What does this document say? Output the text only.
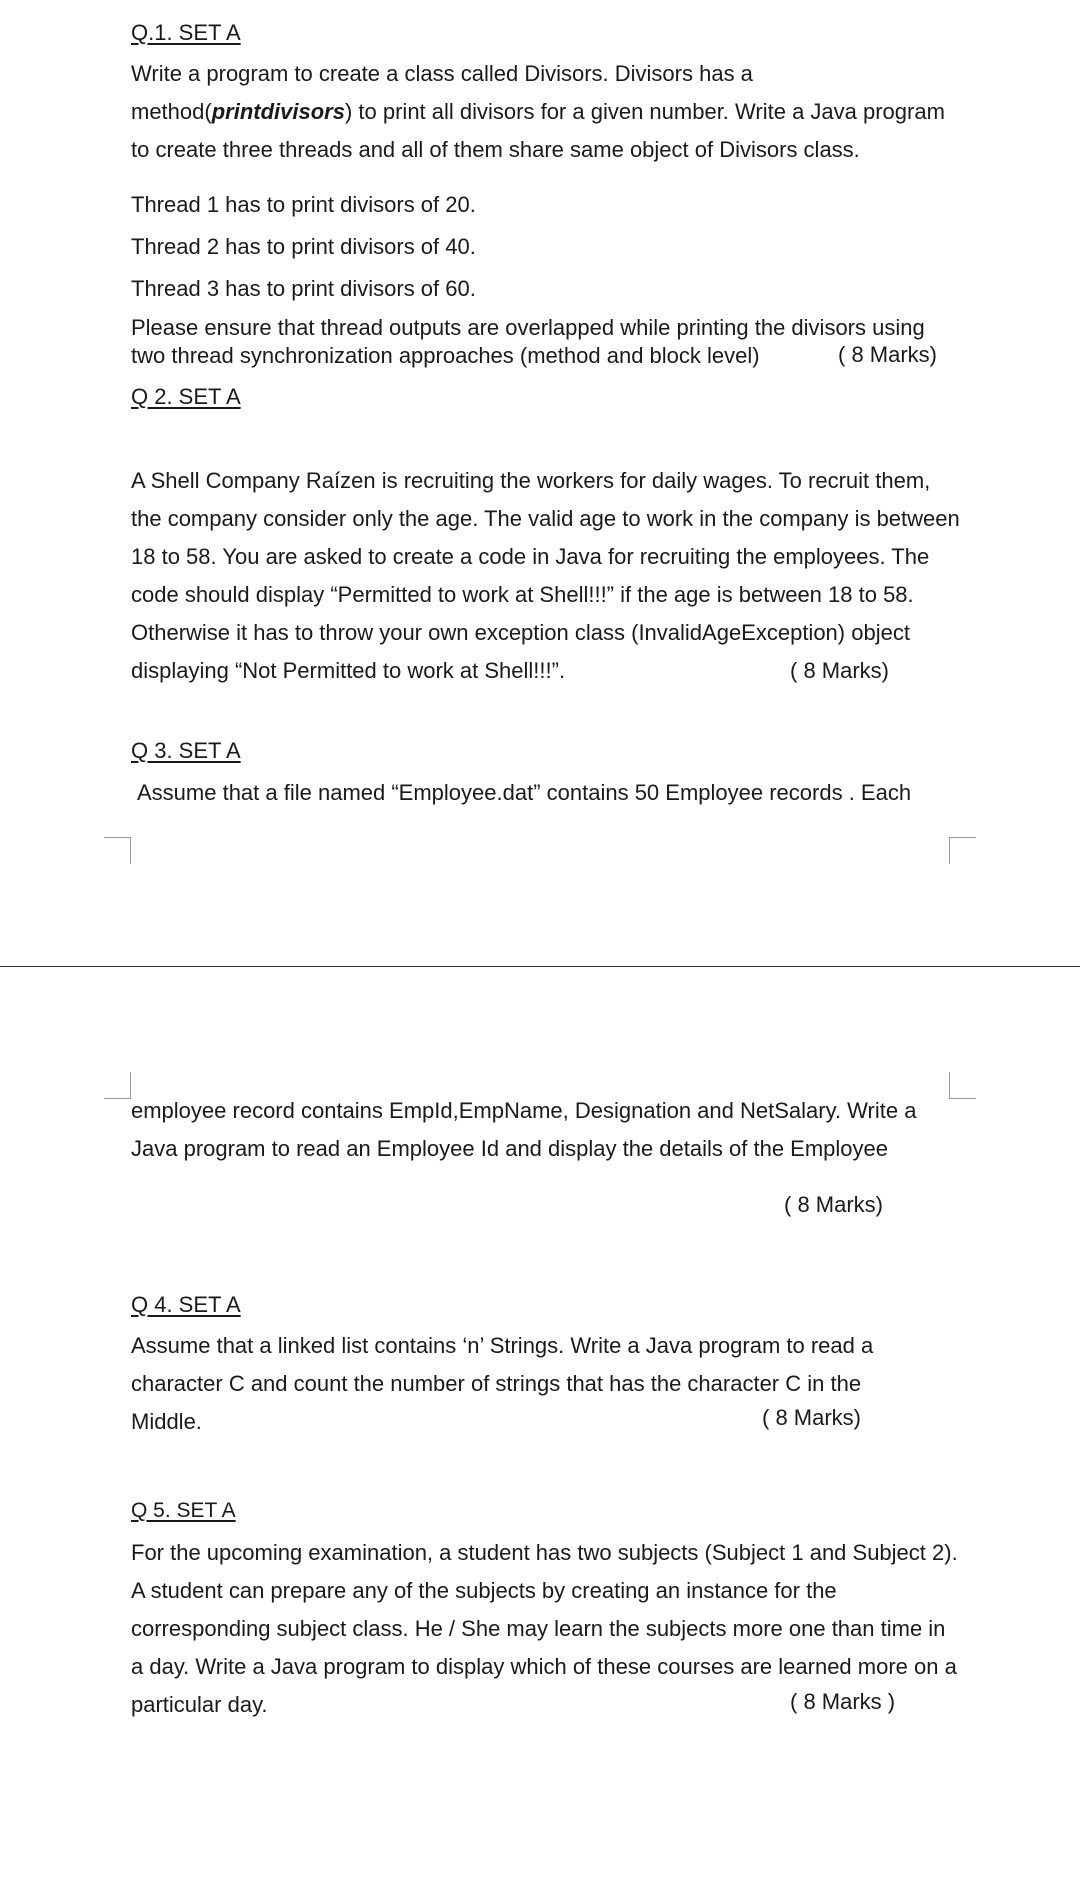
Q.1. SET A
Write a program to create a class called Divisors. Divisors has a
method(printdivisors) to print all divisors for a given number. Write a Java program
to create three threads and all of them share same object of Divisors class.
Thread 1 has to print divisors of 20.
Thread 2 has to print divisors of 40.
Thread 3 has to print divisors of 60.
Please ensure that thread outputs are overlapped while printing the divisors using
two thread synchronization approaches (method and block level)	( 8 Marks)
Q 2. SET A
A Shell Company Raízen is recruiting the workers for daily wages. To recruit them,
the company consider only the age. The valid age to work in the company is between
18 to 58. You are asked to create a code in Java for recruiting the employees. The
code should display “Permitted to work at Shell!!!” if the age is between 18 to 58.
Otherwise it has to throw your own exception class (InvalidAgeException) object
displaying “Not Permitted to work at Shell!!!”.	( 8 Marks)
Q 3. SET A
Assume that a file named “Employee.dat” contains 50 Employee records . Each
employee record contains EmpId,EmpName, Designation and NetSalary. Write a
Java program to read an Employee Id and display the details of the Employee
( 8 Marks)
Q 4. SET A
Assume that a linked list contains ‘n’ Strings. Write a Java program to read a
character C and count the number of strings that has the character C in the
Middle.	( 8 Marks)
Q 5. SET A
For the upcoming examination, a student has two subjects (Subject 1 and Subject 2).
A student can prepare any of the subjects by creating an instance for the
corresponding subject class. He / She may learn the subjects more one than time in
a day. Write a Java program to display which of these courses are learned more on a
particular day.	( 8 Marks )
